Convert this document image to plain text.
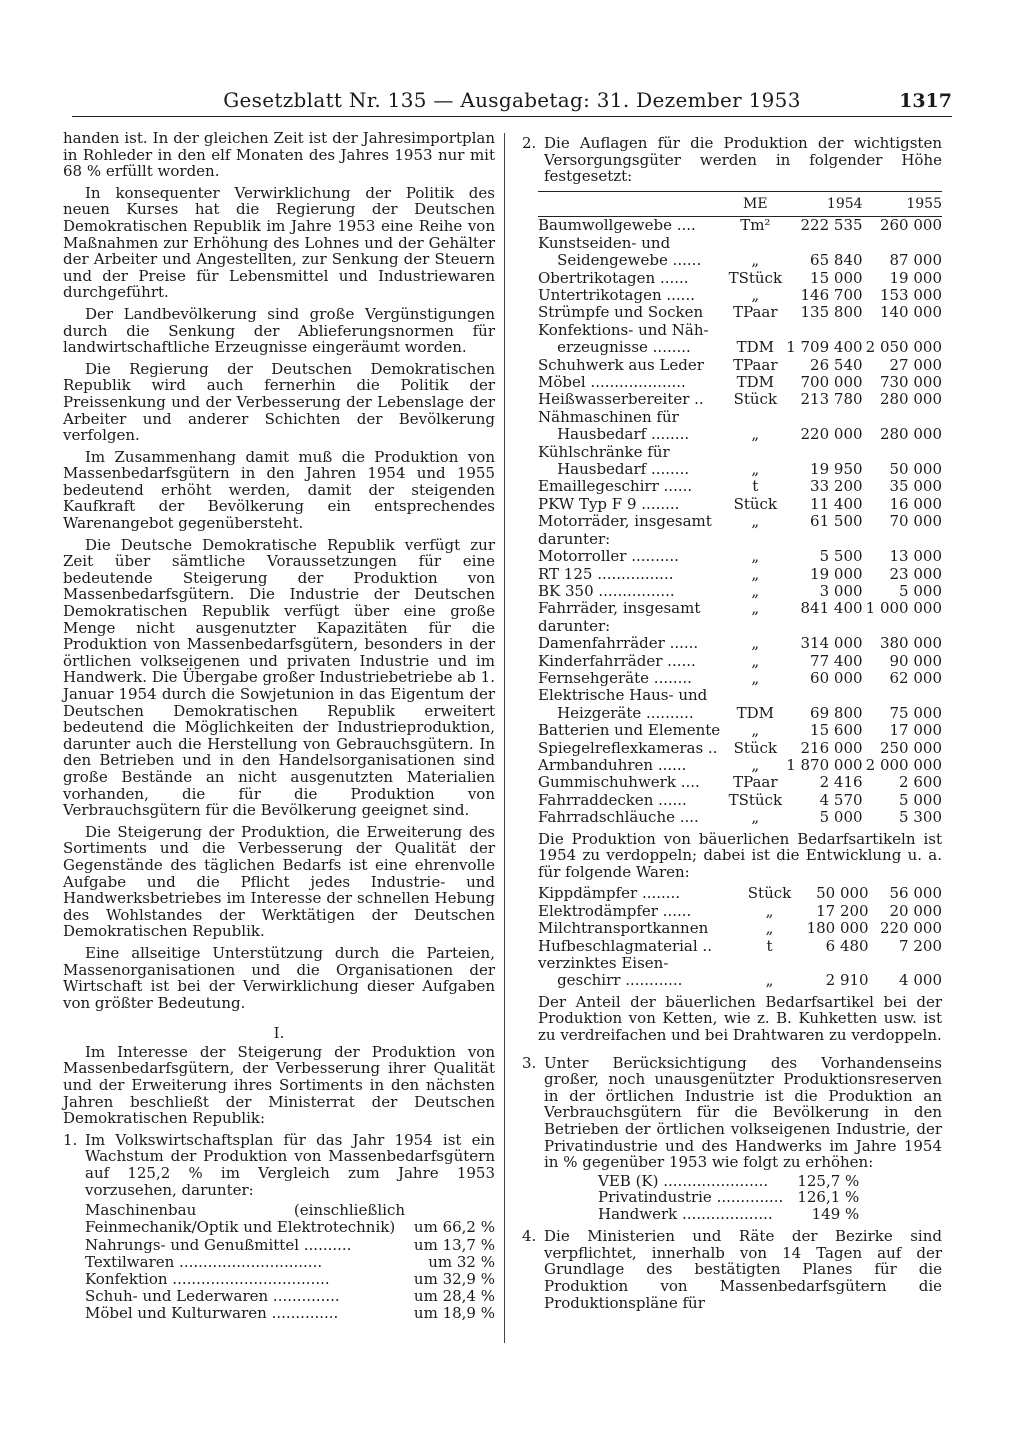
Gesetzblatt Nr. 135 — Ausgabetag: 31. Dezember 1953	1317

handen ist. In der gleichen Zeit ist der Jahresimportplan in Rohleder in den elf Monaten des Jahres 1953 nur mit 68 % erfüllt worden.

In konsequenter Verwirklichung der Politik des neuen Kurses hat die Regierung der Deutschen Demokratischen Republik im Jahre 1953 eine Reihe von Maßnahmen zur Erhöhung des Lohnes und der Gehälter der Arbeiter und Angestellten, zur Senkung der Steuern und der Preise für Lebensmittel und Industriewaren durchgeführt.

Der Landbevölkerung sind große Vergünstigungen durch die Senkung der Ablieferungsnormen für landwirtschaftliche Erzeugnisse eingeräumt worden.

Die Regierung der Deutschen Demokratischen Republik wird auch fernerhin die Politik der Preissenkung und der Verbesserung der Lebenslage der Arbeiter und anderer Schichten der Bevölkerung verfolgen.

Im Zusammenhang damit muß die Produktion von Massenbedarfsgütern in den Jahren 1954 und 1955 bedeutend erhöht werden, damit der steigenden Kaufkraft der Bevölkerung ein entsprechendes Warenangebot gegenübersteht.

Die Deutsche Demokratische Republik verfügt zur Zeit über sämtliche Voraussetzungen für eine bedeutende Steigerung der Produktion von Massenbedarfsgütern. Die Industrie der Deutschen Demokratischen Republik verfügt über eine große Menge nicht ausgenutzter Kapazitäten für die Produktion von Massenbedarfsgütern, besonders in der örtlichen volkseigenen und privaten Industrie und im Handwerk. Die Übergabe großer Industriebetriebe ab 1. Januar 1954 durch die Sowjetunion in das Eigentum der Deutschen Demokratischen Republik erweitert bedeutend die Möglichkeiten der Industrieproduktion, darunter auch die Herstellung von Gebrauchsgütern. In den Betrieben und in den Handelsorganisationen sind große Bestände an nicht ausgenutzten Materialien vorhanden, die für die Produktion von Verbrauchsgütern für die Bevölkerung geeignet sind.

Die Steigerung der Produktion, die Erweiterung des Sortiments und die Verbesserung der Qualität der Gegenstände des täglichen Bedarfs ist eine ehrenvolle Aufgabe und die Pflicht jedes Industrie- und Handwerksbetriebes im Interesse der schnellen Hebung des Wohlstandes der Werktätigen der Deutschen Demokratischen Republik.

Eine allseitige Unterstützung durch die Parteien, Massenorganisationen und die Organisationen der Wirtschaft ist bei der Verwirklichung dieser Aufgaben von größter Bedeutung.

I.

Im Interesse der Steigerung der Produktion von Massenbedarfsgütern, der Verbesserung ihrer Qualität und der Erweiterung ihres Sortiments in den nächsten Jahren beschließt der Ministerrat der Deutschen Demokratischen Republik:

1. Im Volkswirtschaftsplan für das Jahr 1954 ist ein Wachstum der Produktion von Massenbedarfsgütern auf 125,2 % im Vergleich zum Jahre 1953 vorzusehen, darunter:
Maschinenbau (einschließlich Feinmechanik/Optik und Elektrotechnik)	um 66,2 %
Nahrungs- und Genußmittel ..........	um 13,7 %
Textilwaren ..............................	um 32 %
Konfektion .................................	um 32,9 %
Schuh- und Lederwaren ..............	um 28,4 %
Möbel und Kulturwaren ..............	um 18,9 %
2. Die Auflagen für die Produktion der wichtigsten Versorgungsgüter werden in folgender Höhe festgesetzt:
	ME	1954	1955
Baumwollgewebe ....	Tm²	222 535	260 000
Kunstseiden- und			
Seidengewebe ......	„	65 840	87 000
Obertrikotagen ......	TStück	15 000	19 000
Untertrikotagen ......	„	146 700	153 000
Strümpfe und Socken	TPaar	135 800	140 000
Konfektions- und Näh-			
erzeugnisse ........	TDM	1 709 400	2 050 000
Schuhwerk aus Leder	TPaar	26 540	27 000
Möbel ....................	TDM	700 000	730 000
Heißwasserbereiter ..	Stück	213 780	280 000
Nähmaschinen für			
Hausbedarf ........	„	220 000	280 000
Kühlschränke für			
Hausbedarf ........	„	19 950	50 000
Emaillegeschirr ......	t	33 200	35 000
PKW Typ F 9 ........	Stück	11 400	16 000
Motorräder, insgesamt	„	61 500	70 000
darunter:			
Motorroller ..........	„	5 500	13 000
RT 125 ................	„	19 000	23 000
BK 350 ................	„	3 000	5 000
Fahrräder, insgesamt	„	841 400	1 000 000
darunter:			
Damenfahrräder ......	„	314 000	380 000
Kinderfahrräder ......	„	77 400	90 000
Fernsehgeräte ........	„	60 000	62 000
Elektrische Haus- und			
Heizgeräte ..........	TDM	69 800	75 000
Batterien und Elemente	„	15 600	17 000
Spiegelreflexkameras ..	Stück	216 000	250 000
Armbanduhren ......	„	1 870 000	2 000 000
Gummischuhwerk ....	TPaar	2 416	2 600
Fahrraddecken ......	TStück	4 570	5 000
Fahrradschläuche ....	„	5 000	5 300

Die Produktion von bäuerlichen Bedarfsartikeln ist 1954 zu verdoppeln; dabei ist die Entwicklung u. a. für folgende Waren:

Kippdämpfer ........	Stück	50 000	56 000
Elektrodämpfer ......	„	17 200	20 000
Milchtransportkannen	„	180 000	220 000
Hufbeschlagmaterial ..	t	6 480	7 200
verzinktes Eisen-			
geschirr ............	„	2 910	4 000

Der Anteil der bäuerlichen Bedarfsartikel bei der Produktion von Ketten, wie z. B. Kuhketten usw. ist zu verdreifachen und bei Drahtwaren zu verdoppeln.

3. Unter Berücksichtigung des Vorhandenseins großer, noch unausgenützter Produktionsreserven in der örtlichen Industrie ist die Produktion an Verbrauchsgütern für die Bevölkerung in den Betrieben der örtlichen volkseigenen Industrie, der Privatindustrie und des Handwerks im Jahre 1954 in % gegenüber 1953 wie folgt zu erhöhen:
VEB (K) ......................	125,7 %
Privatindustrie ..............	126,1 %
Handwerk ...................	149 %
4. Die Ministerien und Räte der Bezirke sind verpflichtet, innerhalb von 14 Tagen auf der Grundlage des bestätigten Planes für die Produktion von Massenbedarfsgütern die Produktionspläne für
